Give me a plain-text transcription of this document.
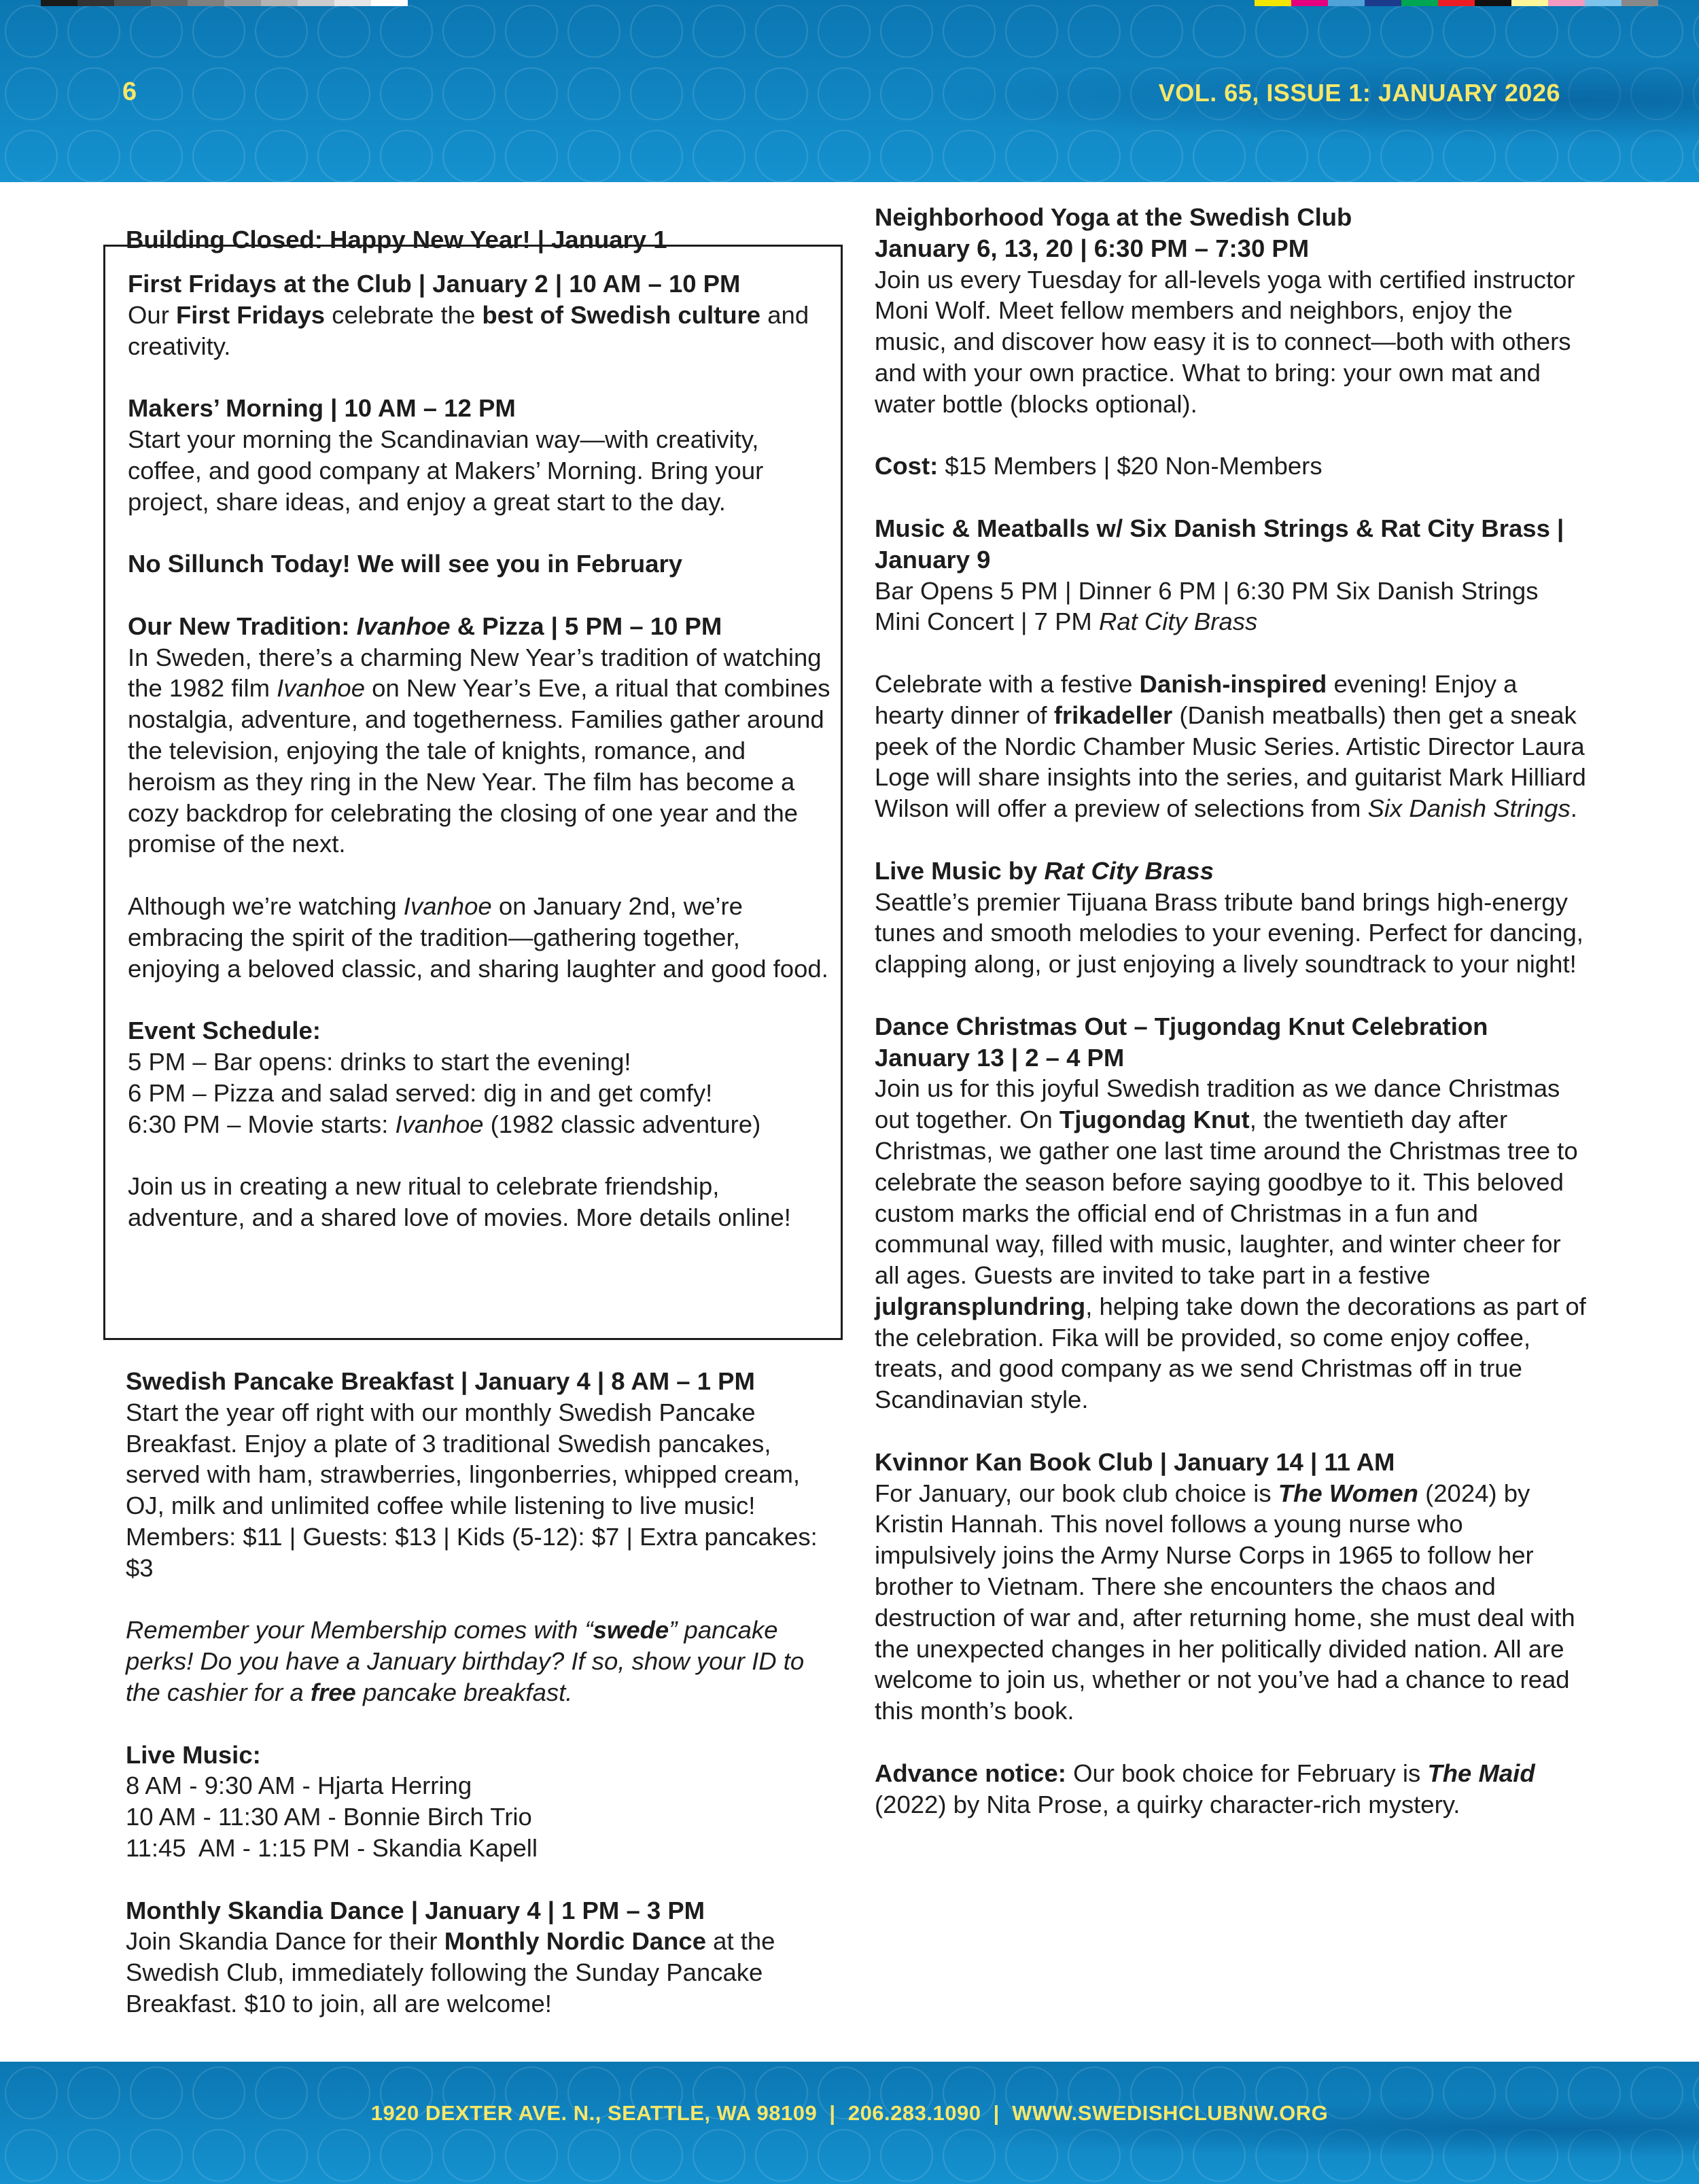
6	VOL. 65, ISSUE 1: JANUARY 2026

Building Closed: Happy New Year! | January 1

First Fridays at the Club | January 2 | 10 AM – 10 PM

Our First Fridays celebrate the best of Swedish culture and creativity.

Makers’ Morning | 10 AM – 12 PM

Start your morning the Scandinavian way—with creativity, coffee, and good company at Makers’ Morning. Bring your project, share ideas, and enjoy a great start to the day.

No Sillunch Today! We will see you in February

Our New Tradition: Ivanhoe & Pizza | 5 PM – 10 PM

In Sweden, there’s a charming New Year’s tradition of watching the 1982 film Ivanhoe on New Year’s Eve, a ritual that combines nostalgia, adventure, and togetherness. Families gather around the television, enjoying the tale of knights, romance, and heroism as they ring in the New Year. The film has become a cozy backdrop for celebrating the closing of one year and the promise of the next.

Although we’re watching Ivanhoe on January 2nd, we’re embracing the spirit of the tradition—gathering together, enjoying a beloved classic, and sharing laughter and good food.

Event Schedule:

5 PM – Bar opens: drinks to start the evening!

6 PM – Pizza and salad served: dig in and get comfy!

6:30 PM – Movie starts: Ivanhoe (1982 classic adventure)

Join us in creating a new ritual to celebrate friendship, adventure, and a shared love of movies. More details online!

Swedish Pancake Breakfast | January 4 | 8 AM – 1 PM

Start the year off right with our monthly Swedish Pancake Breakfast. Enjoy a plate of 3 traditional Swedish pancakes, served with ham, strawberries, lingonberries, whipped cream, OJ, milk and unlimited coffee while listening to live music!

Members: $11 | Guests: $13 | Kids (5-12): $7 | Extra pancakes: $3

Remember your Membership comes with “swede” pancake perks! Do you have a January birthday? If so, show your ID to the cashier for a free pancake breakfast.

Live Music:

8 AM - 9:30 AM - Hjarta Herring

10 AM - 11:30 AM - Bonnie Birch Trio

11:45  AM - 1:15 PM - Skandia Kapell

Monthly Skandia Dance | January 4 | 1 PM – 3 PM

Join Skandia Dance for their Monthly Nordic Dance at the Swedish Club, immediately following the Sunday Pancake Breakfast. $10 to join, all are welcome!

Neighborhood Yoga at the Swedish Club

January 6, 13, 20 | 6:30 PM – 7:30 PM

Join us every Tuesday for all-levels yoga with certified instructor Moni Wolf. Meet fellow members and neighbors, enjoy the music, and discover how easy it is to connect—both with others and with your own practice. What to bring: your own mat and water bottle (blocks optional).

Cost: $15 Members | $20 Non-Members

Music & Meatballs w/ Six Danish Strings & Rat City Brass | January 9

Bar Opens 5 PM | Dinner 6 PM | 6:30 PM Six Danish Strings Mini Concert | 7 PM Rat City Brass

Celebrate with a festive Danish-inspired evening! Enjoy a hearty dinner of frikadeller (Danish meatballs) then get a sneak peek of the Nordic Chamber Music Series. Artistic Director Laura Loge will share insights into the series, and guitarist Mark Hilliard Wilson will offer a preview of selections from Six Danish Strings.

Live Music by Rat City Brass

Seattle’s premier Tijuana Brass tribute band brings high-energy tunes and smooth melodies to your evening. Perfect for dancing, clapping along, or just enjoying a lively soundtrack to your night!

Dance Christmas Out – Tjugondag Knut Celebration

January 13 | 2 – 4 PM

Join us for this joyful Swedish tradition as we dance Christmas out together. On Tjugondag Knut, the twentieth day after Christmas, we gather one last time around the Christmas tree to celebrate the season before saying goodbye to it. This beloved custom marks the official end of Christmas in a fun and communal way, filled with music, laughter, and winter cheer for all ages. Guests are invited to take part in a festive julgransplundring, helping take down the decorations as part of the celebration. Fika will be provided, so come enjoy coffee, treats, and good company as we send Christmas off in true Scandinavian style.

Kvinnor Kan Book Club | January 14 | 11 AM

For January, our book club choice is The Women (2024) by Kristin Hannah. This novel follows a young nurse who impulsively joins the Army Nurse Corps in 1965 to follow her brother to Vietnam. There she encounters the chaos and destruction of war and, after returning home, she must deal with the unexpected changes in her politically divided nation. All are welcome to join us, whether or not you’ve had a chance to read this month’s book.

Advance notice: Our book choice for February is The Maid (2022) by Nita Prose, a quirky character-rich mystery.

1920 DEXTER AVE. N., SEATTLE, WA 98109  |  206.283.1090  |  WWW.SWEDISHCLUBNW.ORG
